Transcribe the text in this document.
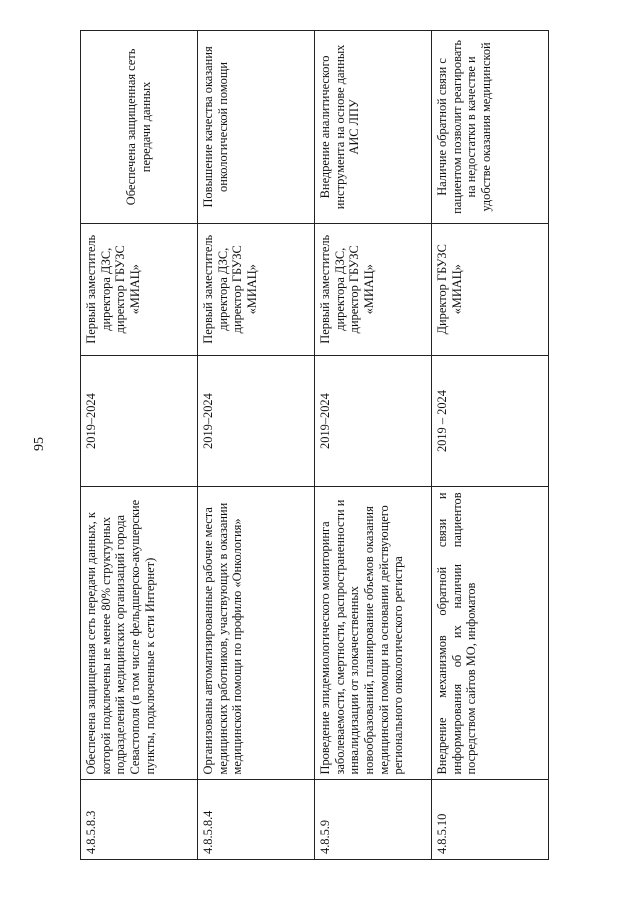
95
4.8.5.8.3	Обеспечена защищенная сеть передачи данных, к которой подключены не менее 80% структурных подразделений медицинских организаций города Севастополя (в том числе фельдшерско-акушерские пункты, подключенные к сети Интернет)	2019–2024	Первый заместитель директора ДЗС, директор ГБУЗС «МИАЦ»	Обеспечена защищенная сеть передачи данных
4.8.5.8.4	Организованы автоматизированные рабочие места медицинских работников, участвующих в оказании медицинской помощи по профилю «Онкология»	2019–2024	Первый заместитель директора ДЗС, директор ГБУЗС «МИАЦ»	Повышение качества оказания онкологической помощи
4.8.5.9	Проведение эпидемиологического мониторинга заболеваемости, смертности, распространенности и инвалидизации от злокачественных новообразований, планирование объемов оказания медицинской помощи на основании действующего регионального онкологического регистра	2019–2024	Первый заместитель директора ДЗС, директор ГБУЗС «МИАЦ»	Внедрение аналитического инструмента на основе данных АИС ЛПУ
4.8.5.10	Внедрение механизмов обратной связи и информирования об их наличии пациентов посредством сайтов МО, инфоматов	2019 – 2024	Директор ГБУЗС «МИАЦ»	Наличие обратной связи с пациентом позволит реагировать на недостатки в качестве и удобстве оказания медицинской
